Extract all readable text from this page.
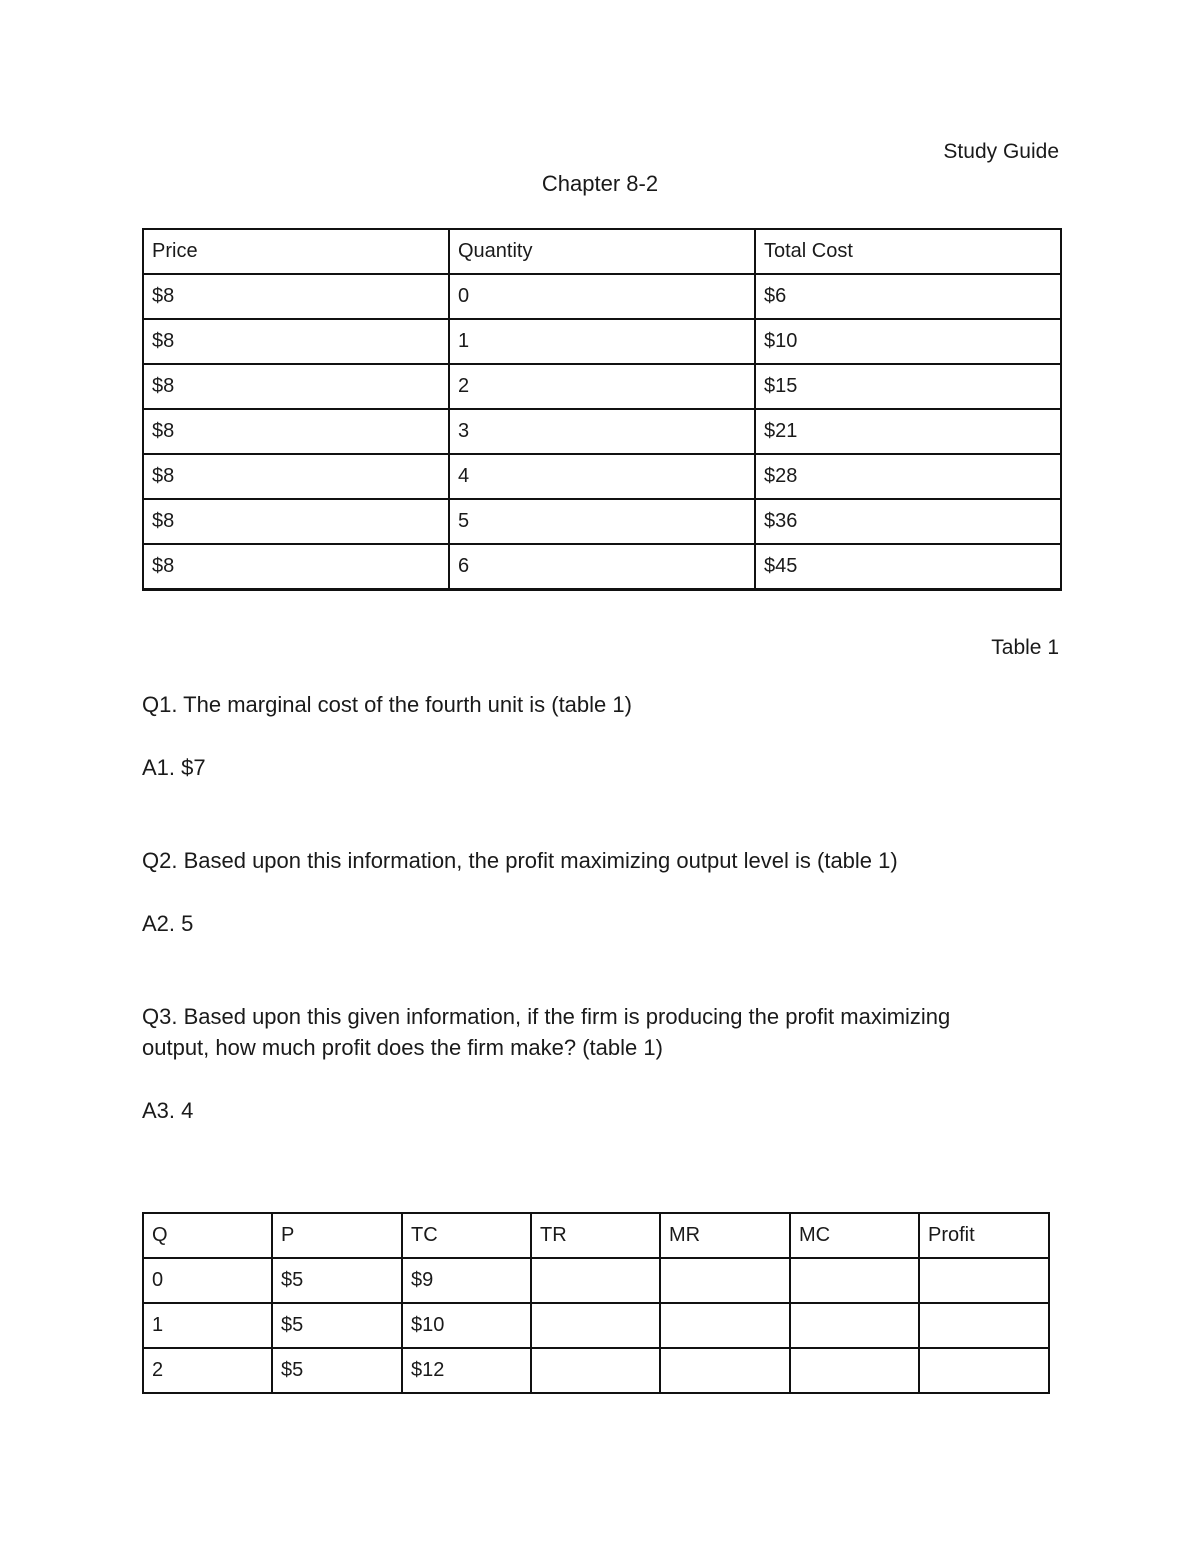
Study Guide
Chapter 8-2
Price	Quantity	Total Cost
$8	0	$6
$8	1	$10
$8	2	$15
$8	3	$21
$8	4	$28
$8	5	$36
$8	6	$45
Table 1
Q1. The marginal cost of the fourth unit is (table 1)
A1. $7
Q2. Based upon this information, the profit maximizing output level is (table 1)
A2. 5
Q3. Based upon this given information, if the firm is producing the profit maximizing output, how much profit does the firm make? (table 1)
A3. 4
Q	P	TC	TR	MR	MC	Profit
0	$5	$9				
1	$5	$10				
2	$5	$12				
